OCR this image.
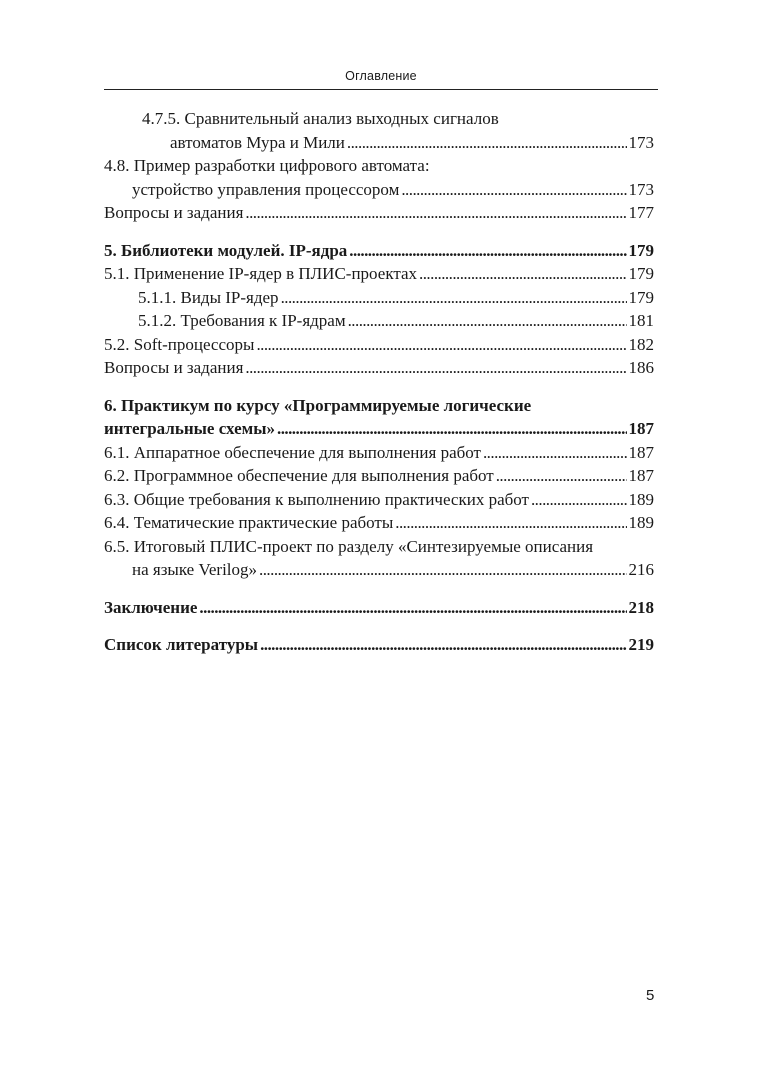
Оглавление
4.7.5. Сравнительный анализ выходных сигналов
автоматов Мура и Мили . . .	173
4.8. Пример разработки цифрового автомата:
устройство управления процессором . . .	173
Вопросы и задания . . .	177
5. Библиотеки модулей. IP-ядра . . .	179
5.1. Применение IP-ядер в ПЛИС-проектах . . .	179
5.1.1. Виды IP-ядер . . .	179
5.1.2. Требования к IP-ядрам . . .	181
5.2. Soft-процессоры . . .	182
Вопросы и задания . . .	186
6. Практикум по курсу «Программируемые логические
интегральные схемы» . . .	187
6.1. Аппаратное обеспечение для выполнения работ . . .	187
6.2. Программное обеспечение для выполнения работ . . .	187
6.3. Общие требования к выполнению практических работ . . .	189
6.4. Тематические практические работы . . .	189
6.5. Итоговый ПЛИС-проект по разделу «Синтезируемые описания
на языке Verilog» . . .	216
Заключение . . .	218
Список литературы . . .	219
5
